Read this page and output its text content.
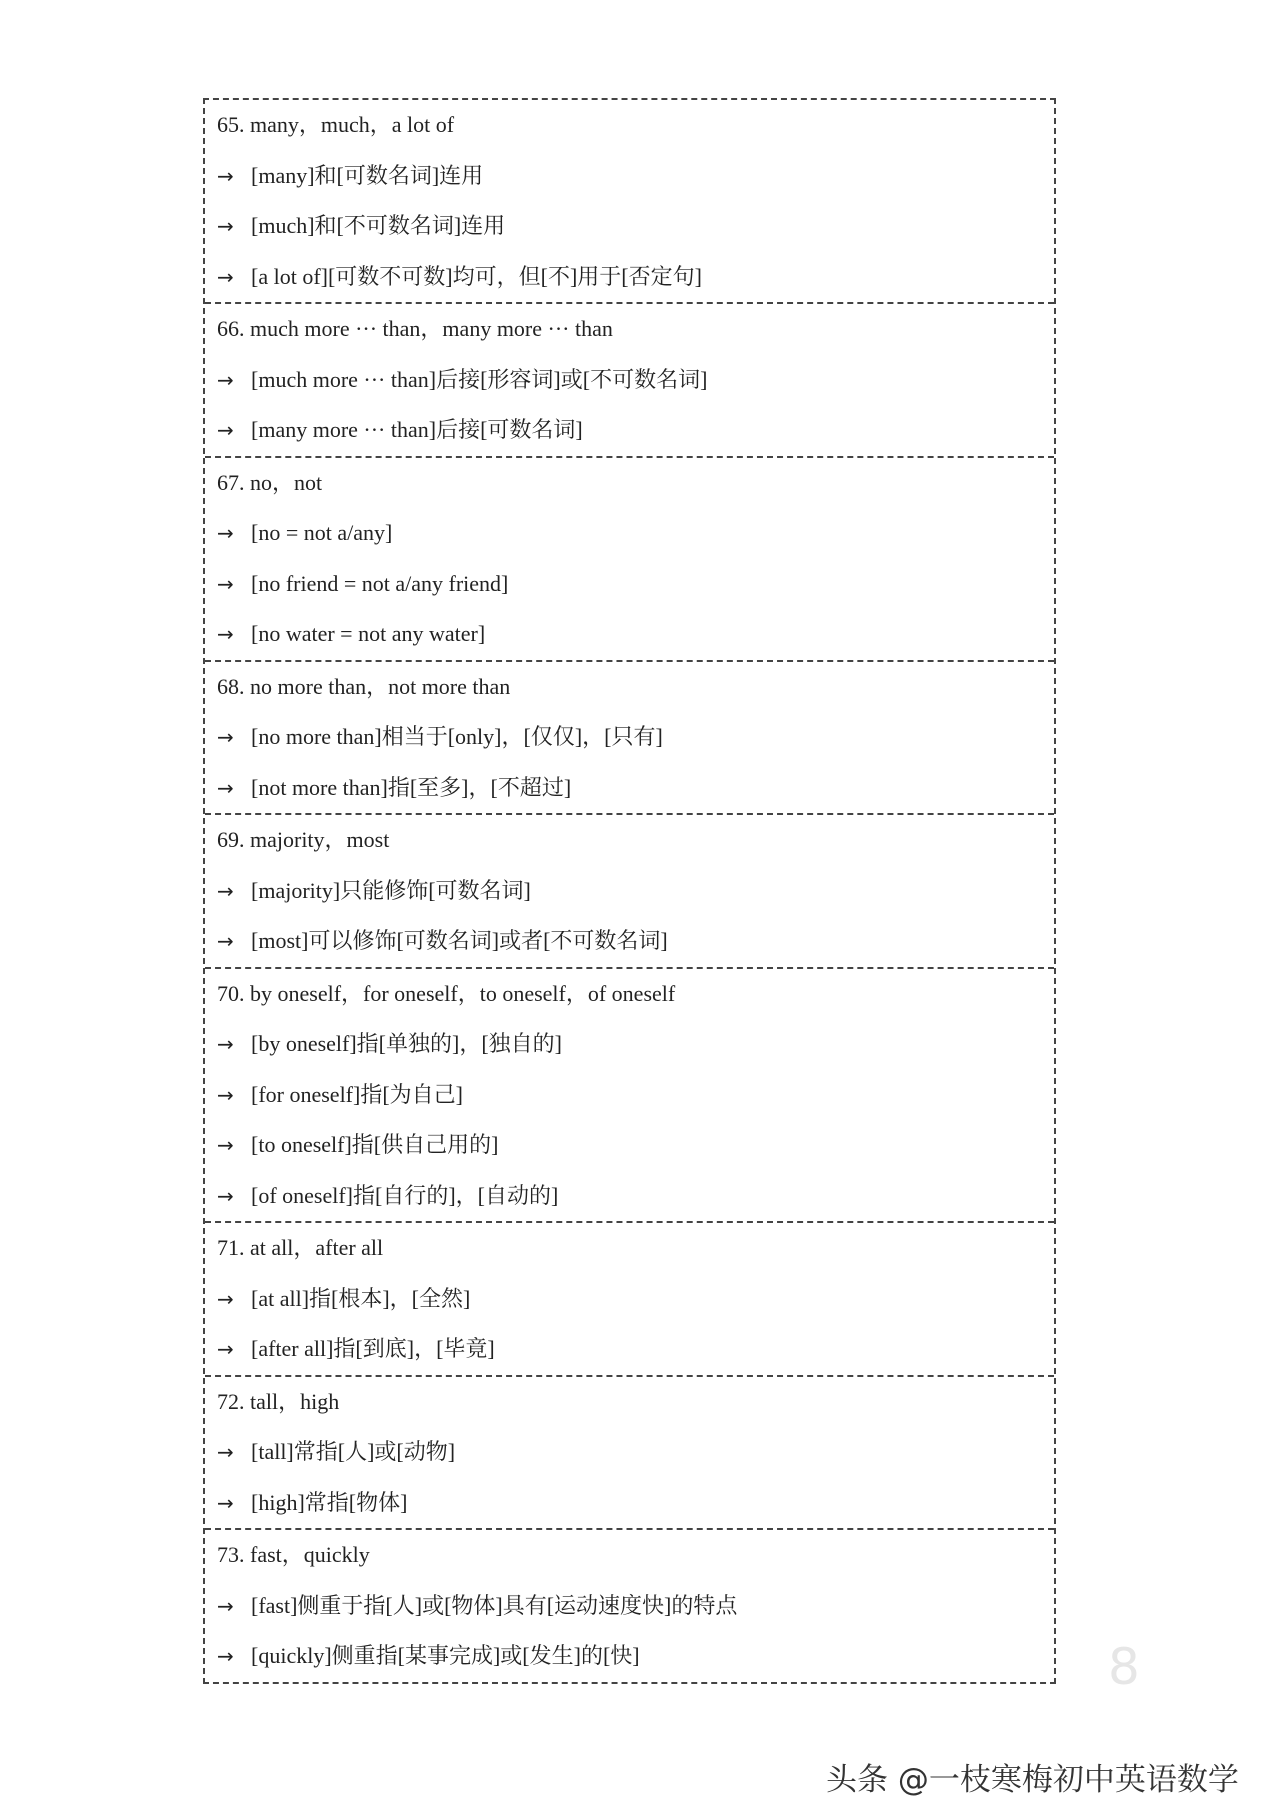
65. many，much，a lot of
→ [many]和[可数名词]连用
→ [much]和[不可数名词]连用
→ [a lot of][可数不可数]均可，但[不]用于[否定句]
66. much more ··· than，many more ··· than
→ [much more ··· than]后接[形容词]或[不可数名词]
→ [many more ··· than]后接[可数名词]
67. no，not
→ [no = not a/any]
→ [no friend = not a/any friend]
→ [no water = not any water]
68. no more than，not more than
→ [no more than]相当于[only]，[仅仅]，[只有]
→ [not more than]指[至多]，[不超过]
69. majority，most
→ [majority]只能修饰[可数名词]
→ [most]可以修饰[可数名词]或者[不可数名词]
70. by oneself，for oneself，to oneself，of oneself
→ [by oneself]指[单独的]，[独自的]
→ [for oneself]指[为自己]
→ [to oneself]指[供自己用的]
→ [of oneself]指[自行的]，[自动的]
71. at all，after all
→ [at all]指[根本]，[全然]
→ [after all]指[到底]，[毕竟]
72. tall，high
→ [tall]常指[人]或[动物]
→ [high]常指[物体]
73. fast，quickly
→ [fast]侧重于指[人]或[物体]具有[运动速度快]的特点
→ [quickly]侧重指[某事完成]或[发生]的[快]	8
头条 @一枝寒梅初中英语数学
